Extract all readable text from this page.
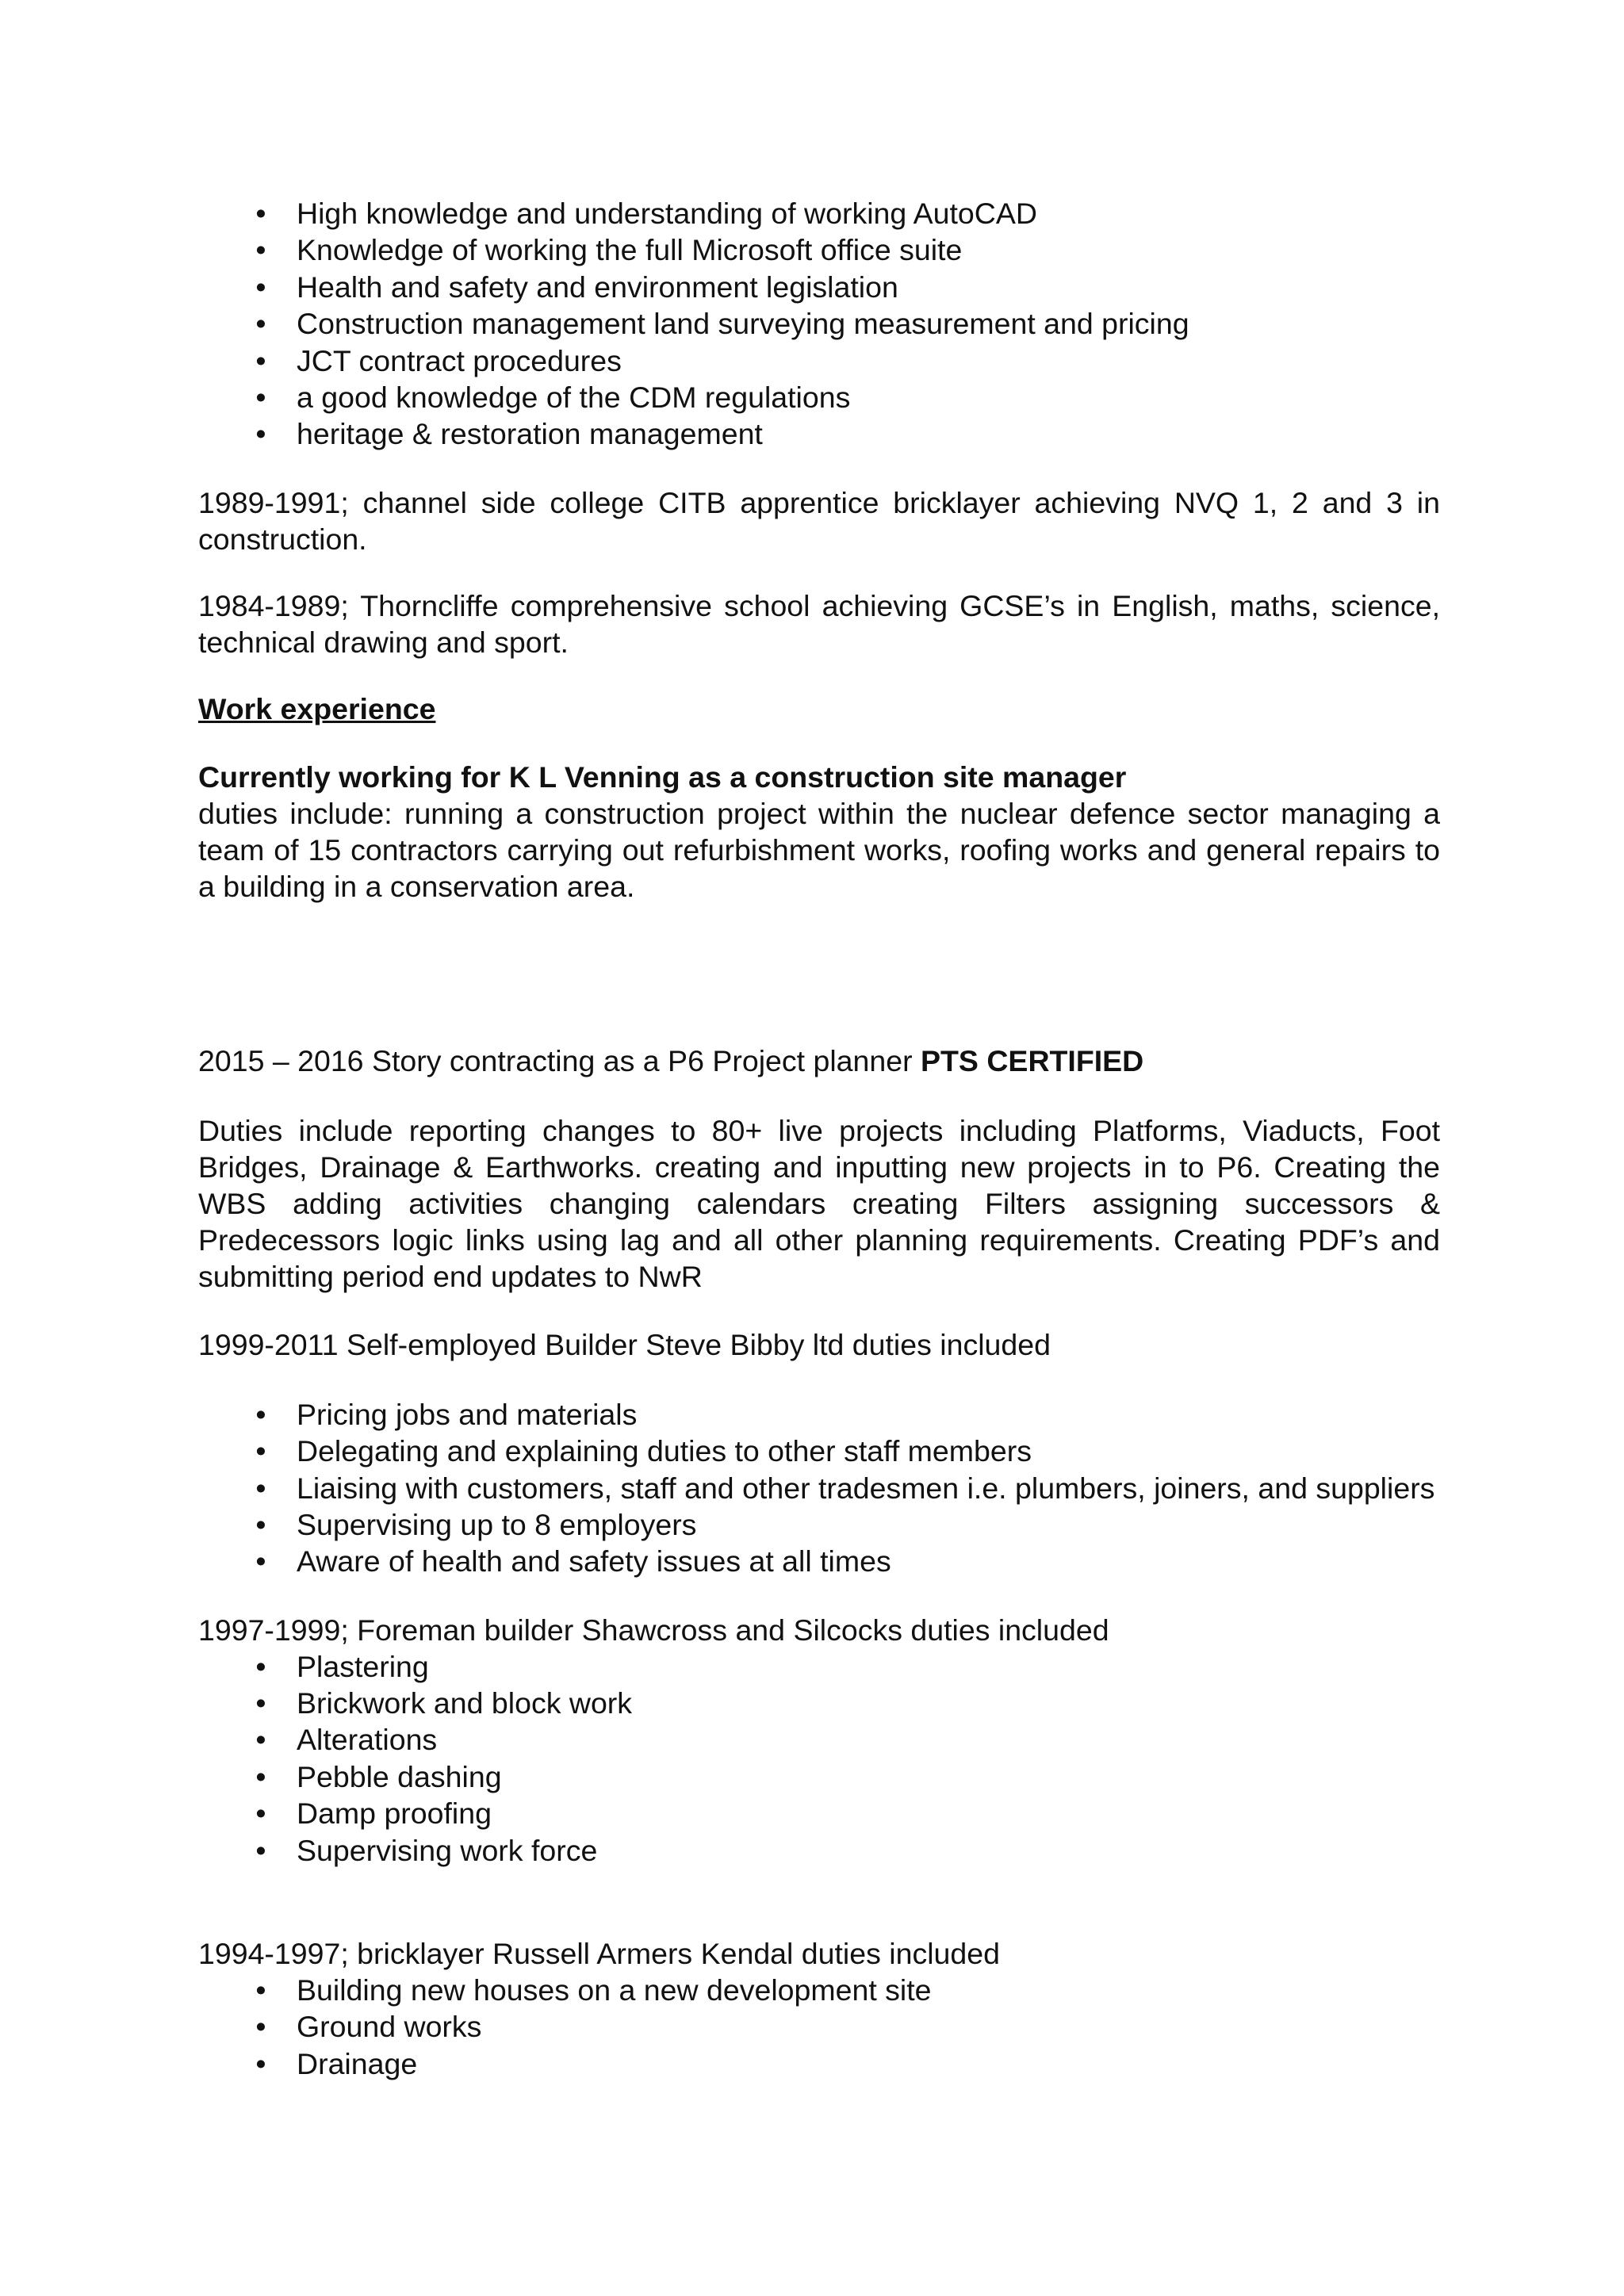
• High knowledge and understanding of working AutoCAD
• Knowledge of working the full Microsoft office suite
• Health and safety and environment legislation
• Construction management land surveying measurement and pricing
• JCT contract procedures
• a good knowledge of the CDM regulations
• heritage & restoration management

1989-1991; channel side college CITB apprentice bricklayer achieving NVQ 1, 2 and 3 in construction.

1984-1989; Thorncliffe comprehensive school achieving GCSE’s in English, maths, science, technical drawing and sport.

Work experience

Currently working for K L Venning as a construction site manager

duties include: running a construction project within the nuclear defence sector managing a team of 15 contractors carrying out refurbishment works, roofing works and general repairs to a building in a conservation area.

2015 – 2016 Story contracting as a P6 Project planner PTS CERTIFIED

Duties include reporting changes to 80+ live projects including Platforms, Viaducts, Foot Bridges, Drainage & Earthworks. creating and inputting new projects in to P6. Creating the WBS adding activities changing calendars creating Filters assigning successors & Predecessors logic links using lag and all other planning requirements. Creating PDF’s and submitting period end updates to NwR

1999-2011 Self-employed Builder Steve Bibby ltd duties included

• Pricing jobs and materials
• Delegating and explaining duties to other staff members
• Liaising with customers, staff and other tradesmen i.e. plumbers, joiners, and suppliers
• Supervising up to 8 employers
• Aware of health and safety issues at all times

1997-1999; Foreman builder Shawcross and Silcocks duties included

• Plastering
• Brickwork and block work
• Alterations
• Pebble dashing
• Damp proofing
• Supervising work force

1994-1997; bricklayer Russell Armers Kendal duties included

• Building new houses on a new development site
• Ground works
• Drainage
